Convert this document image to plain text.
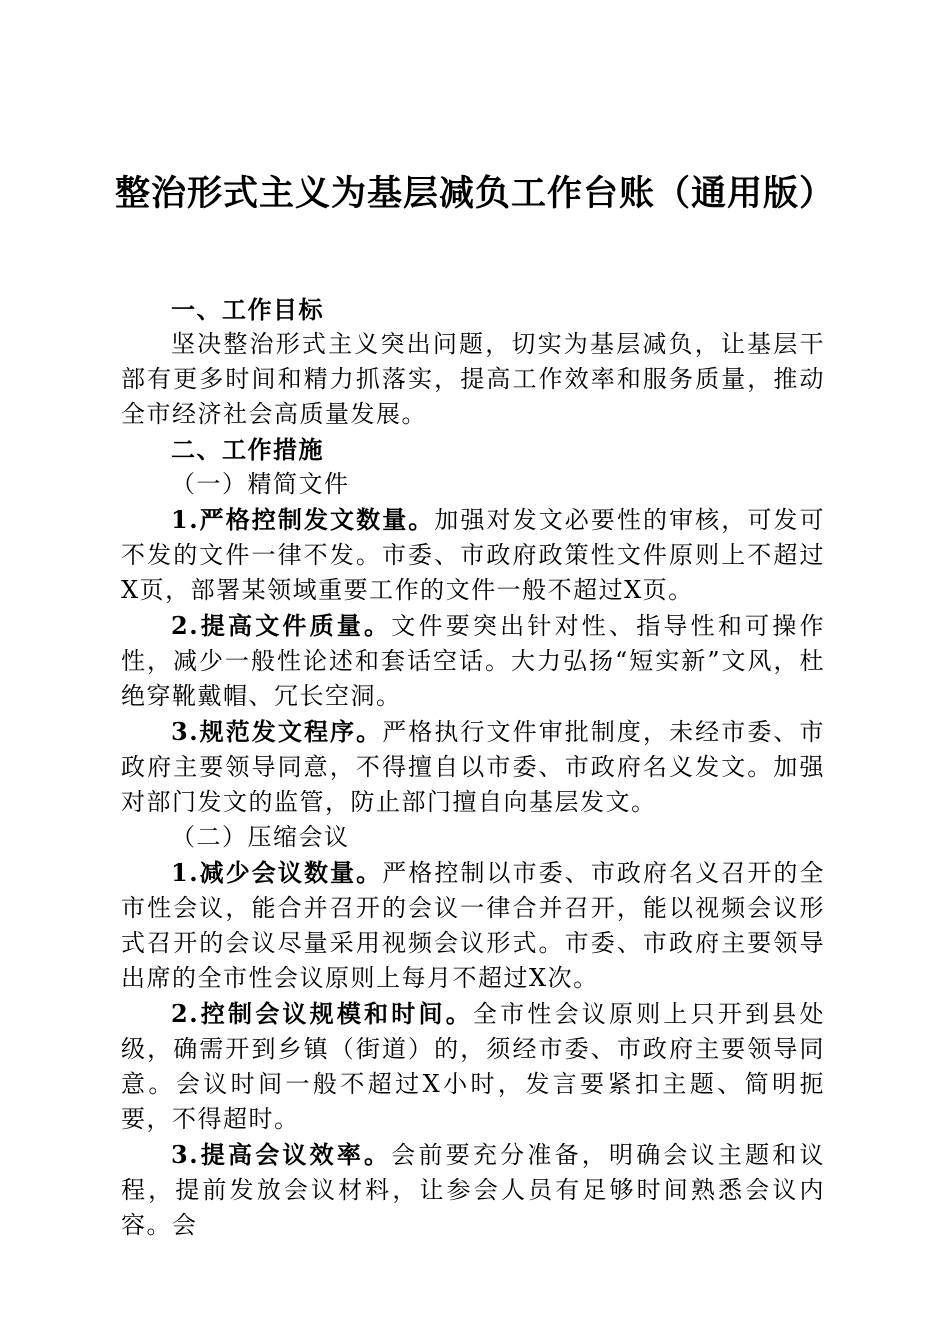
整治形式主义为基层减负工作台账（通用版）
一、工作目标
坚决整治形式主义突出问题，切实为基层减负，让基层干部有更多时间和精力抓落实，提高工作效率和服务质量，推动全市经济社会高质量发展。
二、工作措施
（一）精简文件
1.严格控制发文数量。加强对发文必要性的审核，可发可不发的文件一律不发。市委、市政府政策性文件原则上不超过X页，部署某领域重要工作的文件一般不超过X页。
2.提高文件质量。文件要突出针对性、指导性和可操作性，减少一般性论述和套话空话。大力弘扬“短实新”文风，杜绝穿靴戴帽、冗长空洞。
3.规范发文程序。严格执行文件审批制度，未经市委、市政府主要领导同意，不得擅自以市委、市政府名义发文。加强对部门发文的监管，防止部门擅自向基层发文。
（二）压缩会议
1.减少会议数量。严格控制以市委、市政府名义召开的全市性会议，能合并召开的会议一律合并召开，能以视频会议形式召开的会议尽量采用视频会议形式。市委、市政府主要领导出席的全市性会议原则上每月不超过X次。
2.控制会议规模和时间。全市性会议原则上只开到县处级，确需开到乡镇（街道）的，须经市委、市政府主要领导同意。会议时间一般不超过X小时，发言要紧扣主题、简明扼要，不得超时。
3.提高会议效率。会前要充分准备，明确会议主题和议程，提前发放会议材料，让参会人员有足够时间熟悉会议内容。会
